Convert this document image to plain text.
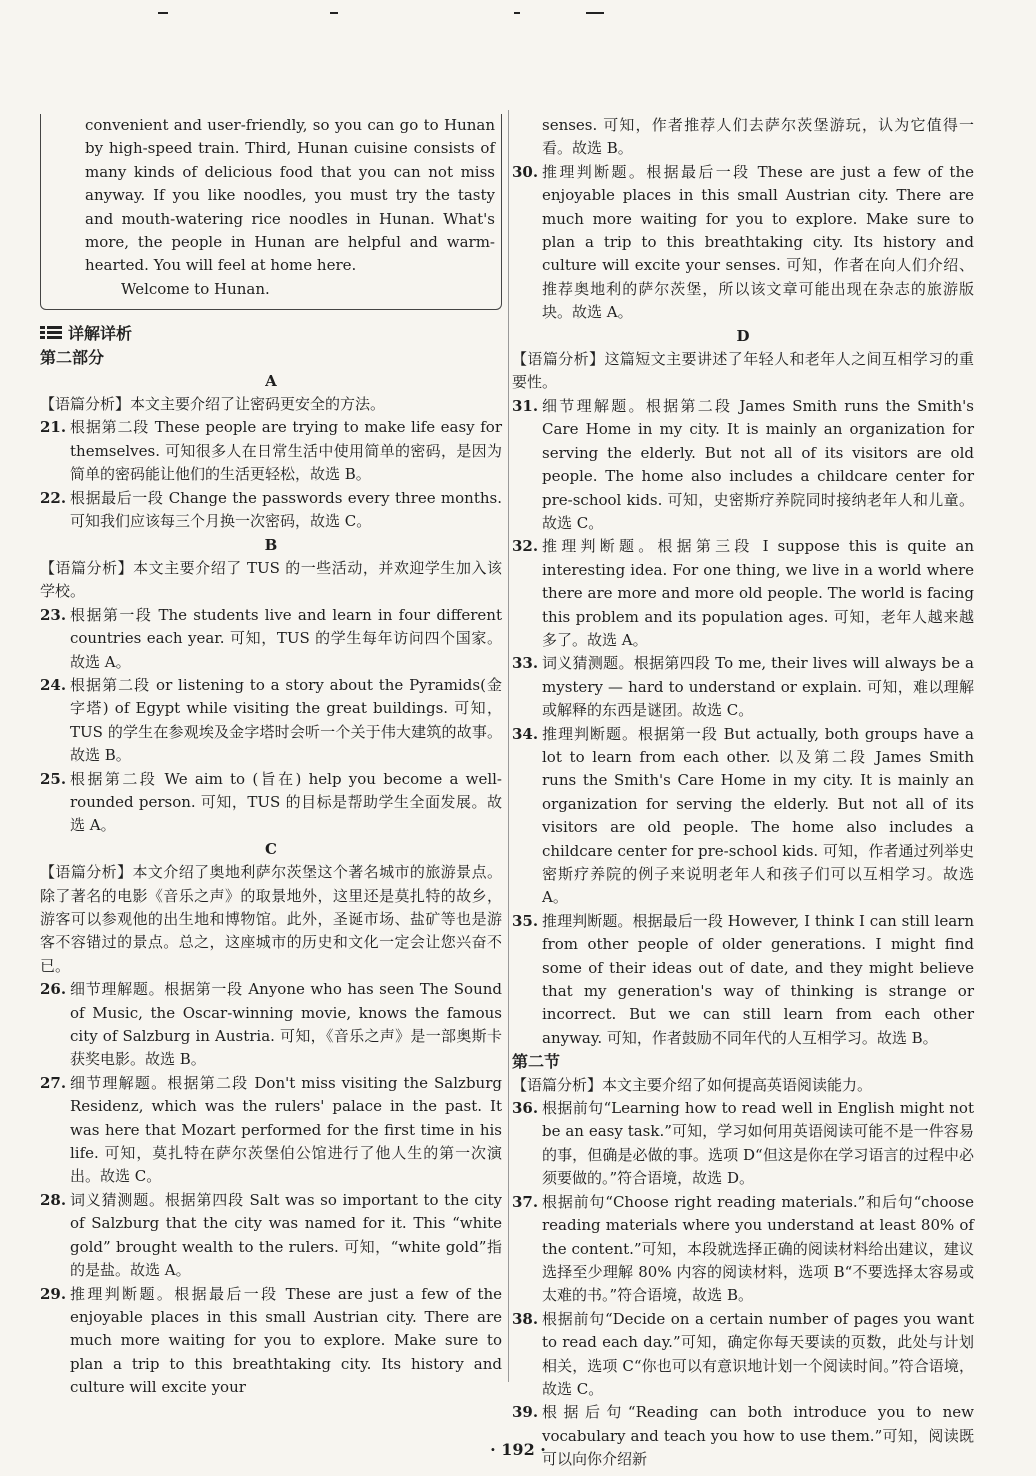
convenient and user-friendly, so you can go to Hunan by high-speed train. Third, Hunan cuisine consists of many kinds of delicious food that you can not miss anyway. If you like noodles, you must try the tasty and mouth-watering rice noodles in Hunan. What's more, the people in Hunan are helpful and warm-hearted. You will feel at home here.

Welcome to Hunan.

详解详析
第二部分
A

【语篇分析】本文主要介绍了让密码更安全的方法。

21. 根据第二段 These people are trying to make life easy for themselves. 可知很多人在日常生活中使用简单的密码，是因为简单的密码能让他们的生活更轻松，故选 B。
22. 根据最后一段 Change the passwords every three months. 可知我们应该每三个月换一次密码，故选 C。
B

【语篇分析】本文主要介绍了 TUS 的一些活动，并欢迎学生加入该学校。

23. 根据第一段 The students live and learn in four different countries each year. 可知，TUS 的学生每年访问四个国家。故选 A。
24. 根据第二段 or listening to a story about the Pyramids(金字塔) of Egypt while visiting the great buildings. 可知，TUS 的学生在参观埃及金字塔时会听一个关于伟大建筑的故事。故选 B。
25. 根据第二段 We aim to (旨在) help you become a well-rounded person. 可知，TUS 的目标是帮助学生全面发展。故选 A。
C

【语篇分析】本文介绍了奥地利萨尔茨堡这个著名城市的旅游景点。除了著名的电影《音乐之声》的取景地外，这里还是莫扎特的故乡，游客可以参观他的出生地和博物馆。此外，圣诞市场、盐矿等也是游客不容错过的景点。总之，这座城市的历史和文化一定会让您兴奋不已。

26. 细节理解题。根据第一段 Anyone who has seen The Sound of Music, the Oscar-winning movie, knows the famous city of Salzburg in Austria. 可知，《音乐之声》是一部奥斯卡获奖电影。故选 B。
27. 细节理解题。根据第二段 Don't miss visiting the Salzburg Residenz, which was the rulers' palace in the past. It was here that Mozart performed for the first time in his life. 可知，莫扎特在萨尔茨堡伯公馆进行了他人生的第一次演出。故选 C。
28. 词义猜测题。根据第四段 Salt was so important to the city of Salzburg that the city was named for it. This “white gold” brought wealth to the rulers. 可知，“white gold”指的是盐。故选 A。
29. 推理判断题。根据最后一段 These are just a few of the enjoyable places in this small Austrian city. There are much more waiting for you to explore. Make sure to plan a trip to this breathtaking city. Its history and culture will excite your
senses. 可知，作者推荐人们去萨尔茨堡游玩，认为它值得一看。故选 B。
30. 推理判断题。根据最后一段 These are just a few of the enjoyable places in this small Austrian city. There are much more waiting for you to explore. Make sure to plan a trip to this breathtaking city. Its history and culture will excite your senses. 可知，作者在向人们介绍、推荐奥地利的萨尔茨堡，所以该文章可能出现在杂志的旅游版块。故选 A。
D

【语篇分析】这篇短文主要讲述了年轻人和老年人之间互相学习的重要性。

31. 细节理解题。根据第二段 James Smith runs the Smith's Care Home in my city. It is mainly an organization for serving the elderly. But not all of its visitors are old people. The home also includes a childcare center for pre-school kids. 可知，史密斯疗养院同时接纳老年人和儿童。故选 C。
32. 推理判断题。根据第三段 I suppose this is quite an interesting idea. For one thing, we live in a world where there are more and more old people. The world is facing this problem and its population ages. 可知，老年人越来越多了。故选 A。
33. 词义猜测题。根据第四段 To me, their lives will always be a mystery — hard to understand or explain. 可知，难以理解或解释的东西是谜团。故选 C。
34. 推理判断题。根据第一段 But actually, both groups have a lot to learn from each other. 以及第二段 James Smith runs the Smith's Care Home in my city. It is mainly an organization for serving the elderly. But not all of its visitors are old people. The home also includes a childcare center for pre-school kids. 可知，作者通过列举史密斯疗养院的例子来说明老年人和孩子们可以互相学习。故选 A。
35. 推理判断题。根据最后一段 However, I think I can still learn from other people of older generations. I might find some of their ideas out of date, and they might believe that my generation's way of thinking is strange or incorrect. But we can still learn from each other anyway. 可知，作者鼓励不同年代的人互相学习。故选 B。
第二节

【语篇分析】本文主要介绍了如何提高英语阅读能力。

36. 根据前句“Learning how to read well in English might not be an easy task.”可知，学习如何用英语阅读可能不是一件容易的事，但确是必做的事。选项 D“但这是你在学习语言的过程中必须要做的。”符合语境，故选 D。
37. 根据前句“Choose right reading materials.”和后句“choose reading materials where you understand at least 80% of the content.”可知，本段就选择正确的阅读材料给出建议，建议选择至少理解 80% 内容的阅读材料，选项 B“不要选择太容易或太难的书。”符合语境，故选 B。
38. 根据前句“Decide on a certain number of pages you want to read each day.”可知，确定你每天要读的页数，此处与计划相关，选项 C“你也可以有意识地计划一个阅读时间。”符合语境，故选 C。
39. 根据后句“Reading can both introduce you to new vocabulary and teach you how to use them.”可知，阅读既可以向你介绍新
· 192 ·
